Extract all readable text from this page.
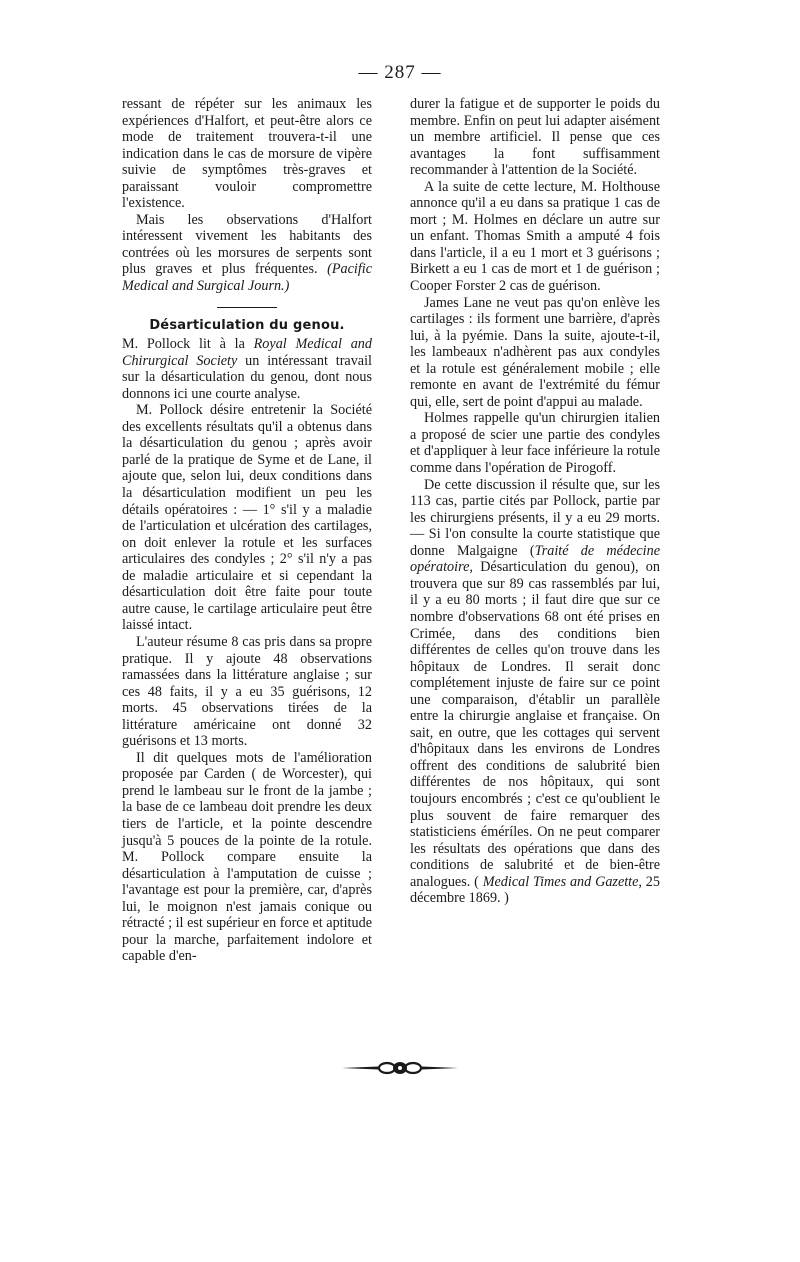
— 287 —

ressant de répéter sur les animaux les expériences d'Halfort, et peut-être alors ce mode de traitement trouvera-t-il une indication dans le cas de morsure de vipère suivie de symptômes très-graves et paraissant vouloir compromettre l'existence.

Mais les observations d'Halfort intéressent vivement les habitants des contrées où les morsures de serpents sont plus graves et plus fréquentes. (Pacific Medical and Surgical Journ.)

Désarticulation du genou.

M. Pollock lit à la Royal Medical and Chirurgical Society un intéressant travail sur la désarticulation du genou, dont nous donnons ici une courte analyse.

M. Pollock désire entretenir la Société des excellents résultats qu'il a obtenus dans la désarticulation du genou ; après avoir parlé de la pratique de Syme et de Lane, il ajoute que, selon lui, deux conditions dans la désarticulation modifient un peu les détails opératoires : — 1° s'il y a maladie de l'articulation et ulcération des cartilages, on doit enlever la rotule et les surfaces articulaires des condyles ; 2° s'il n'y a pas de maladie articulaire et si cependant la désarticulation doit être faite pour toute autre cause, le cartilage articulaire peut être laissé intact.

L'auteur résume 8 cas pris dans sa propre pratique. Il y ajoute 48 observations ramassées dans la littérature anglaise ; sur ces 48 faits, il y a eu 35 guérisons, 12 morts. 45 observations tirées de la littérature américaine ont donné 32 guérisons et 13 morts.

Il dit quelques mots de l'amélioration proposée par Carden ( de Worcester), qui prend le lambeau sur le front de la jambe ; la base de ce lambeau doit prendre les deux tiers de l'article, et la pointe descendre jusqu'à 5 pouces de la pointe de la rotule. M. Pollock compare ensuite la désarticulation à l'amputation de cuisse ; l'avantage est pour la première, car, d'après lui, le moignon n'est jamais conique ou rétracté ; il est supérieur en force et aptitude pour la marche, parfaitement indolore et capable d'en-

durer la fatigue et de supporter le poids du membre. Enfin on peut lui adapter aisément un membre artificiel. Il pense que ces avantages la font suffisamment recommander à l'attention de la Société.

A la suite de cette lecture, M. Holthouse annonce qu'il a eu dans sa pratique 1 cas de mort ; M. Holmes en déclare un autre sur un enfant. Thomas Smith a amputé 4 fois dans l'article, il a eu 1 mort et 3 guérisons ; Birkett a eu 1 cas de mort et 1 de guérison ; Cooper Forster 2 cas de guérison.

James Lane ne veut pas qu'on enlève les cartilages : ils forment une barrière, d'après lui, à la pyémie. Dans la suite, ajoute-t-il, les lambeaux n'adhèrent pas aux condyles et la rotule est généralement mobile ; elle remonte en avant de l'extrémité du fémur qui, elle, sert de point d'appui au malade.

Holmes rappelle qu'un chirurgien italien a proposé de scier une partie des condyles et d'appliquer à leur face inférieure la rotule comme dans l'opération de Pirogoff.

De cette discussion il résulte que, sur les 113 cas, partie cités par Pollock, partie par les chirurgiens présents, il y a eu 29 morts. — Si l'on consulte la courte statistique que donne Malgaigne (Traité de médecine opératoire, Désarticulation du genou), on trouvera que sur 89 cas rassemblés par lui, il y a eu 80 morts ; il faut dire que sur ce nombre d'observations 68 ont été prises en Crimée, dans des conditions bien différentes de celles qu'on trouve dans les hôpitaux de Londres. Il serait donc complétement injuste de faire sur ce point une comparaison, d'établir un parallèle entre la chirurgie anglaise et française. On sait, en outre, que les cottages qui servent d'hôpitaux dans les environs de Londres offrent des conditions de salubrité bien différentes de nos hôpitaux, qui sont toujours encombrés ; c'est ce qu'oublient le plus souvent de faire remarquer des statisticiens éméríles. On ne peut comparer les résultats des opérations que dans des conditions de salubrité et de bien-être analogues. ( Medical Times and Gazette, 25 décembre 1869. )
